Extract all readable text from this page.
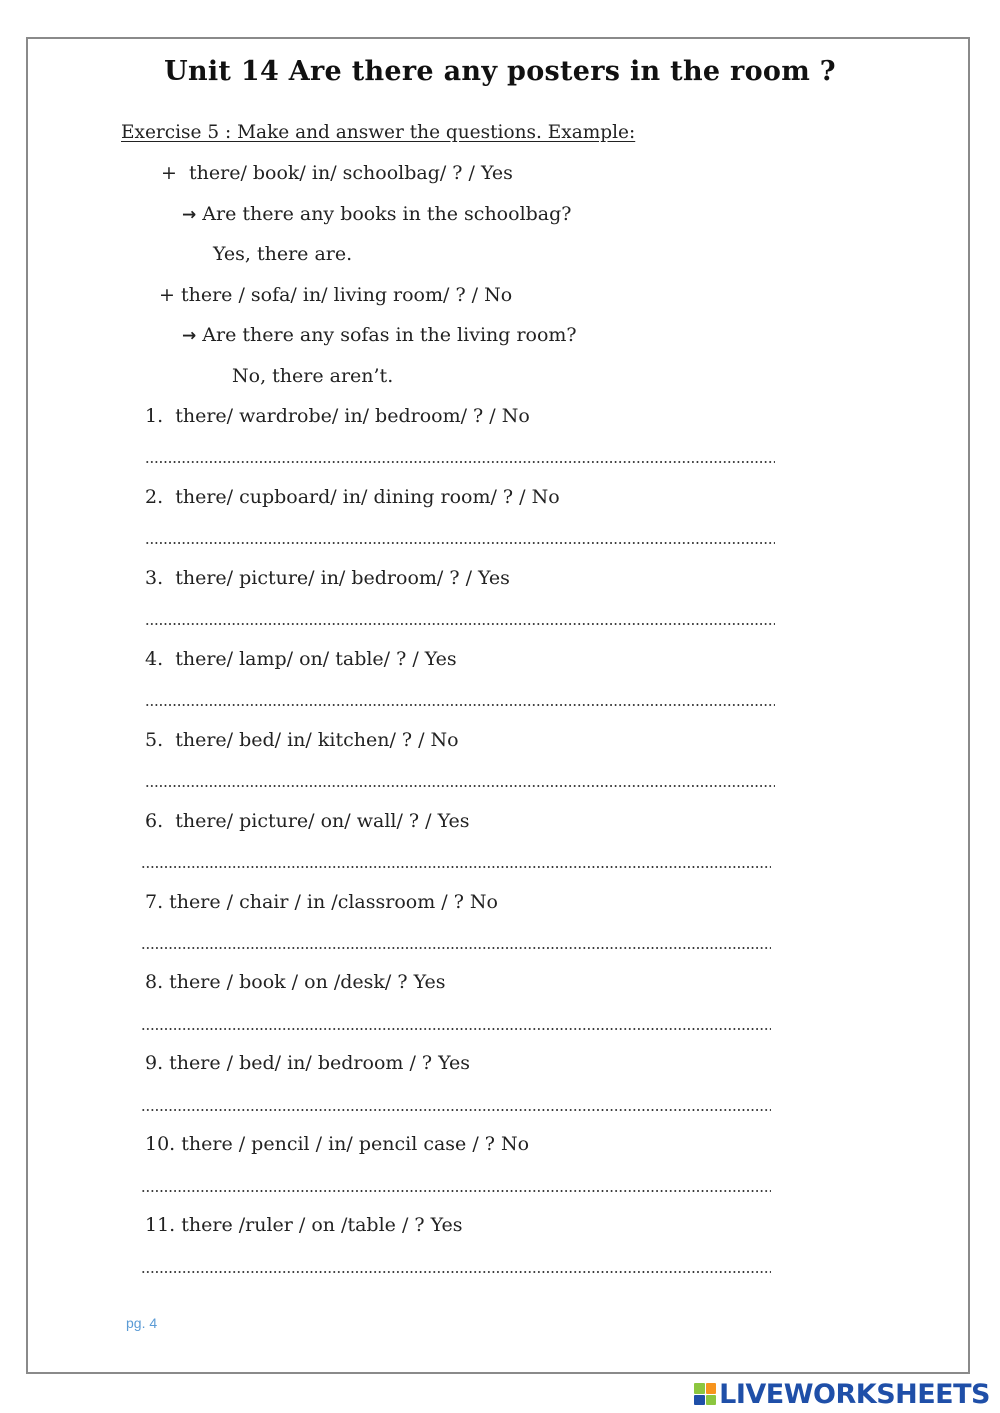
Unit 14 Are there any posters in the room ?
Exercise 5 : Make and answer the questions. Example:
+  there/ book/ in/ schoolbag/ ? / Yes
→ Are there any books in the schoolbag?
Yes, there are.
+ there / sofa/ in/ living room/ ? / No
→ Are there any sofas in the living room?
No, there aren’t.
1.  there/ wardrobe/ in/ bedroom/ ? / No
2.  there/ cupboard/ in/ dining room/ ? / No
3.  there/ picture/ in/ bedroom/ ? / Yes
4.  there/ lamp/ on/ table/ ? / Yes
5.  there/ bed/ in/ kitchen/ ? / No
6.  there/ picture/ on/ wall/ ? / Yes
7. there / chair / in /classroom / ? No
8. there / book / on /desk/ ? Yes
9. there / bed/ in/ bedroom / ? Yes
10. there / pencil / in/ pencil case / ? No
11. there /ruler / on /table / ? Yes
pg. 4
LIVEWORKSHEETS
